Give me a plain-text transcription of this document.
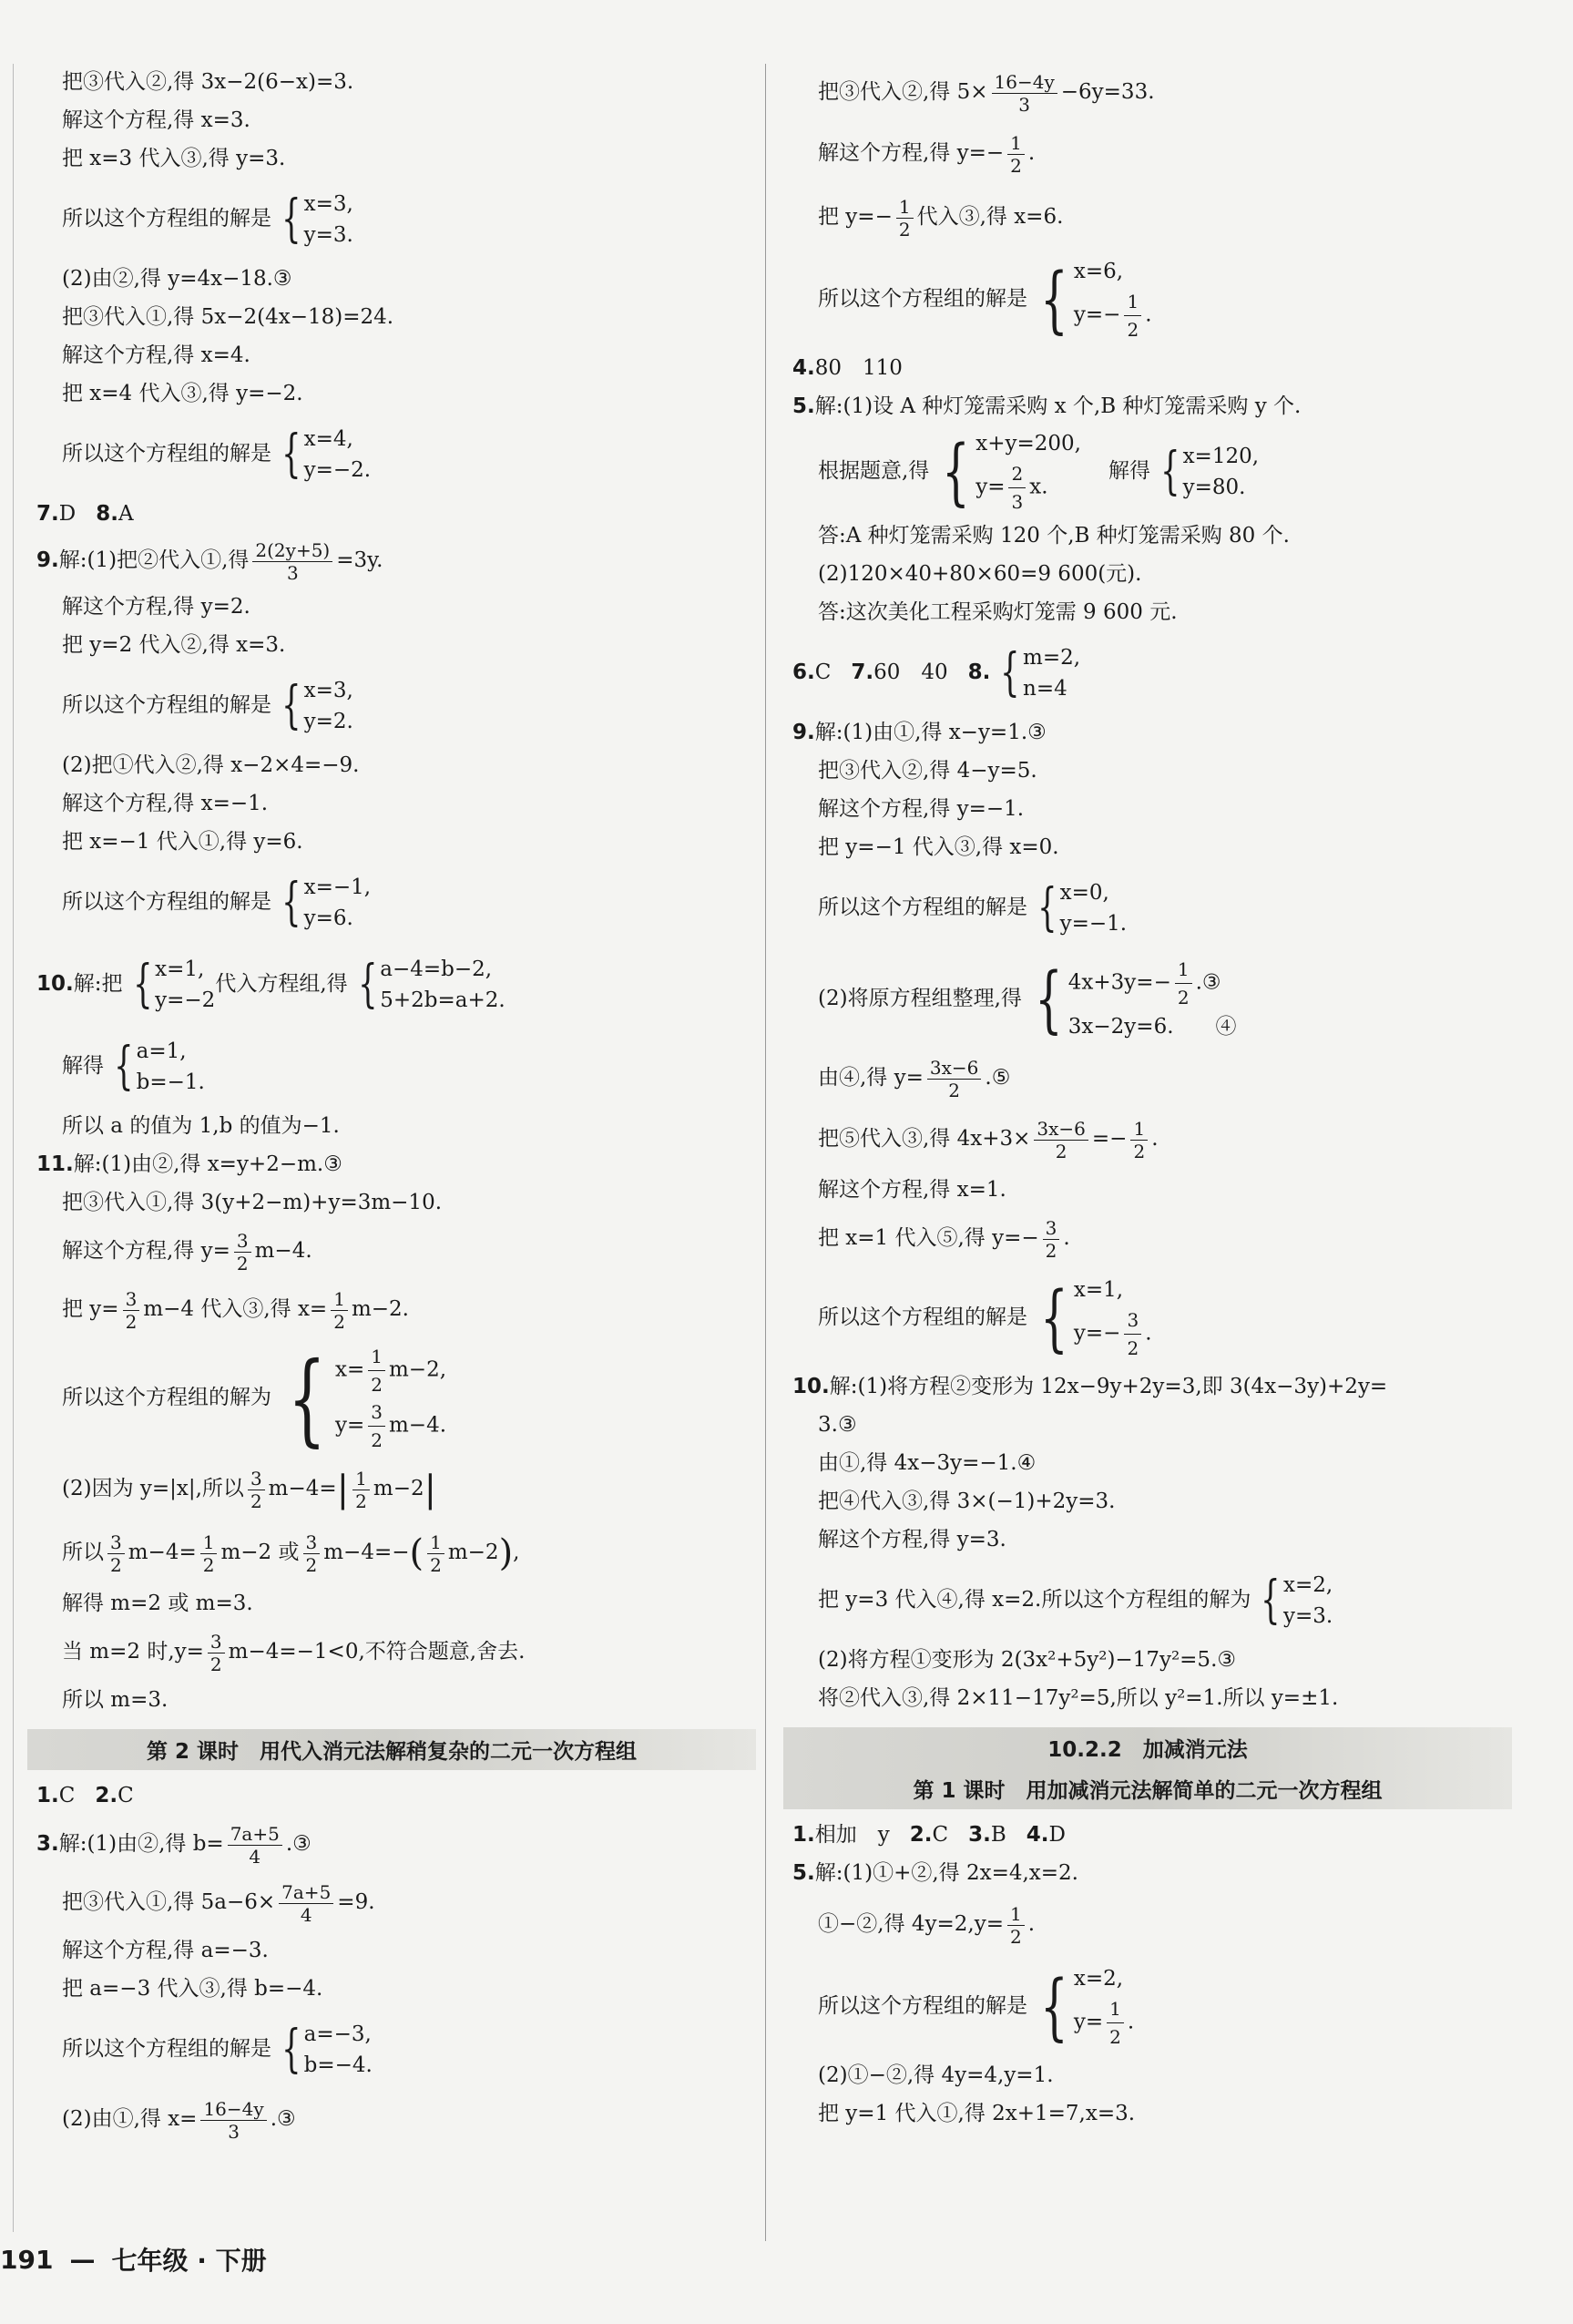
把③代入②,得 3x−2(6−x)=3.
解这个方程,得 x=3.
把 x=3 代入③,得 y=3.
所以这个方程组的解是 { x=3,
y=3.
(2)由②,得 y=4x−18.③
把③代入①,得 5x−2(4x−18)=24.
解这个方程,得 x=4.
把 x=4 代入③,得 y=−2.
所以这个方程组的解是 { x=4,
y=−2.
7. D 8. A
9. 解:(1)把②代入①,得 $\frac{2(2y+5)}{3} =3y$.
解这个方程,得 y=2.
把 y=2 代入②,得 x=3.
所以这个方程组的解是 { x=3,
y=2.
(2)把①代入②,得 x−2×4=−9.
解这个方程,得 x=−1.
把 x=−1 代入①,得 y=6.
所以这个方程组的解是 { x=−1,
y=6.
10. 解:把 { x=1,
y=−2
代入方程组,得 { a−4=b−2,
5+2b=a+2.
解得 { a=1,
b=−1.
所以 a 的值为 1,b 的值为−1.
11. 解:(1)由②,得 x=y+2−m.③
把③代入①,得 3(y+2−m)+y=3m−10.
解这个方程,得 $y= \frac{3}{2} m-4$.
把 $y= \frac{3}{2} m-4$ 代入③,得 $x= \frac{1}{2} m-2$.
所以这个方程组的解为 { $x= \frac{1}{2} m-2$,
$y= \frac{3}{2} m-4$.
(2)因为 y=|x|,所以 $\frac{3}{2} m-4=$ | $\frac{1}{2} m-2$ |
所以 $\frac{3}{2} m-4= \frac{1}{2} m-2$ 或 $\frac{3}{2} m-4=-$ ( $\frac{1}{2} m-2$ ) ,
解得 m=2 或 m=3.
当 m=2 时$,y= \frac{3}{2} m-4=-1<0$,不符合题意,舍去.
所以 m=3.
第 2 课时　用代入消元法解稍复杂的二元一次方程组
1. C 2. C
3. 解:(1)由②,得 $b= \frac{7a+5}{4}$ .③
把③代入①,得 $5a-6\times \frac{7a+5}{4} =9$.
解这个方程,得 a=−3.
把 a=−3 代入③,得 b=−4.
所以这个方程组的解是 { a=−3,
b=−4.
(2)由①,得 $x= \frac{16-4y}{3}$ .③
把③代入②,得 $5\times \frac{16-4y}{3} -6y=33$.
解这个方程,得 $y=- \frac{1}{2}$ .
把 $y=- \frac{1}{2}$ 代入③,得 x=6.
所以这个方程组的解是 { x=6,
$y=- \frac{1}{2}$ .
4. 80　110
5. 解:(1)设 A 种灯笼需采购 x 个,B 种灯笼需采购 y 个.
根据题意,得 { x+y=200,
$y= \frac{2}{3} x$.
解得 { x=120,
y=80.
答:A 种灯笼需采购 120 个,B 种灯笼需采购 80 个.
(2)120×40+80×60=9 600(元).
答:这次美化工程采购灯笼需 9 600 元.
6. C 7. 60　40 8. { m=2,
n=4
9. 解:(1)由①,得 x−y=1.③
把③代入②,得 4−y=5.
解这个方程,得 y=−1.
把 y=−1 代入③,得 x=0.
所以这个方程组的解是 { x=0,
y=−1.
(2)将原方程组整理,得 { $4x+3y=- \frac{1}{2}$ .③
3x−2y=6.　　④
由④,得 $y= \frac{3x-6}{2}$ .⑤
把⑤代入③,得 $4x+3\times \frac{3x-6}{2} =- \frac{1}{2}$ .
解这个方程,得 x=1.
把 x=1 代入⑤,得 $y=- \frac{3}{2}$ .
所以这个方程组的解是 { x=1,
$y=- \frac{3}{2}$ .
10. 解:(1)将方程②变形为 12x−9y+2y=3,即 3(4x−3y)+2y=
3.③
由①,得 4x−3y=−1.④
把④代入③,得 3×(−1)+2y=3.
解这个方程,得 y=3.
把 y=3 代入④,得 x=2.所以这个方程组的解为 { x=2,
y=3.
(2)将方程①变形为 2(3x²+5y²)−17y²=5.③
将②代入③,得 2×11−17y²=5,所以 y²=1.所以 y=±1.
10.2.2　加减消元法
第 1 课时　用加减消元法解简单的二元一次方程组
1. 相加　y 2. C 3. B 4. D
5. 解:(1)①+②,得 2x=4,x=2.
①−②,得 $4y=2,y= \frac{1}{2}$ .
所以这个方程组的解是 { x=2,
$y= \frac{1}{2}$ .
(2)①−②,得 4y=4,y=1.
把 y=1 代入①,得 2x+1=7,x=3.
191 — 七年级 · 下册
